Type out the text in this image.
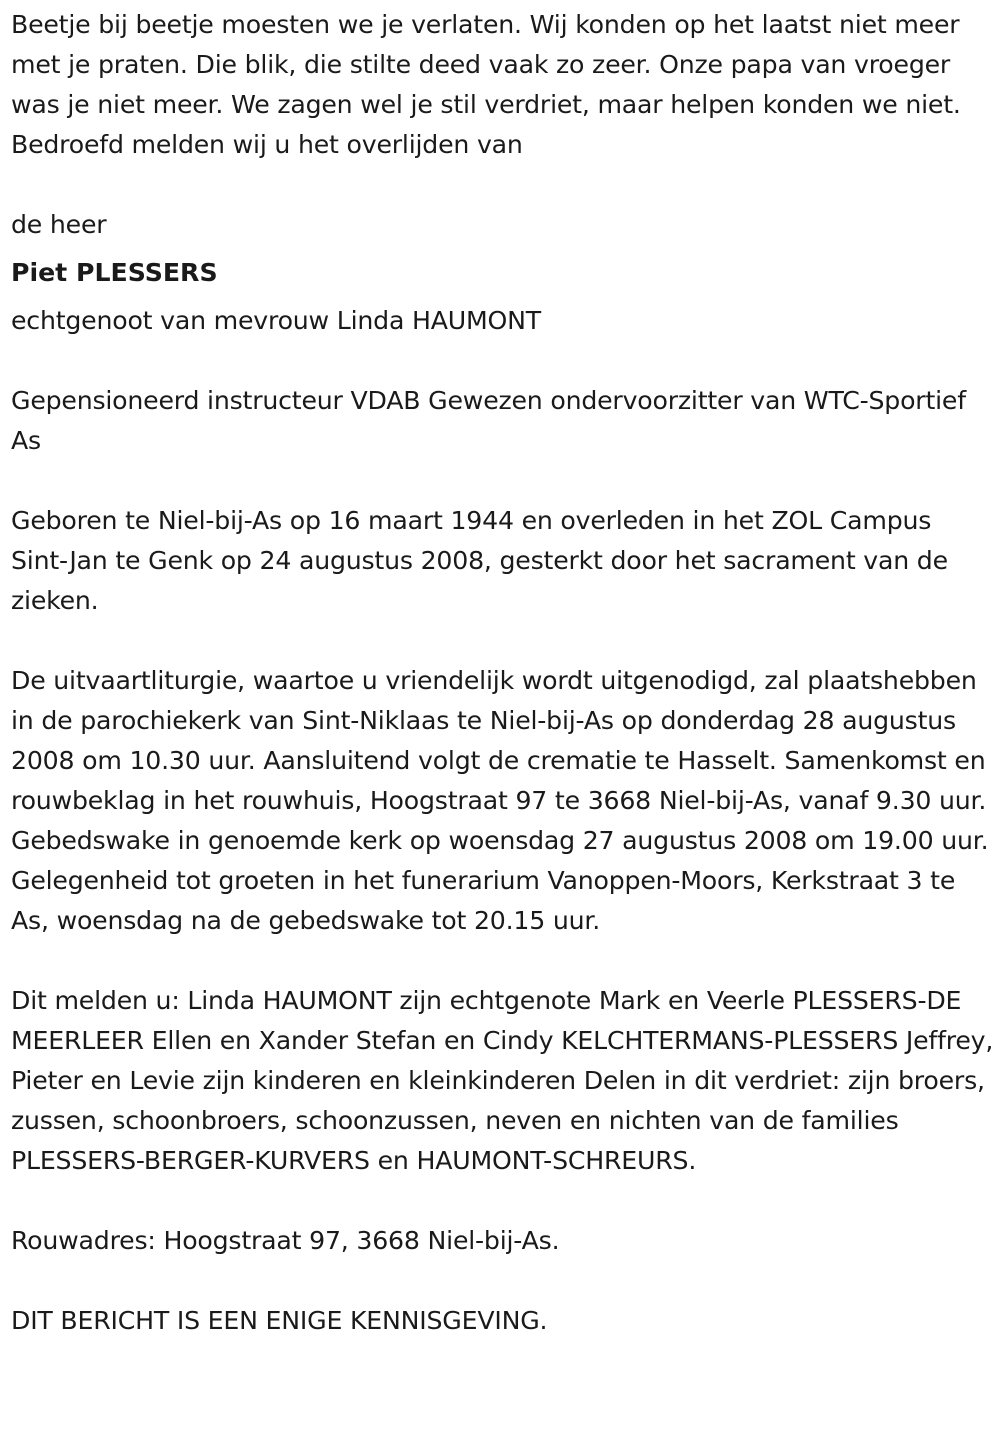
Beetje bij beetje moesten we je verlaten. Wij konden op het laatst niet meer met je praten. Die blik, die stilte deed vaak zo zeer. Onze papa van vroeger was je niet meer. We zagen wel je stil verdriet, maar helpen konden we niet. Bedroefd melden wij u het overlijden van

de heer

Piet PLESSERS

echtgenoot van mevrouw Linda HAUMONT

Gepensioneerd instructeur VDAB Gewezen ondervoorzitter van WTC-Sportief As

Geboren te Niel-bij-As op 16 maart 1944 en overleden in het ZOL Campus Sint-Jan te Genk op 24 augustus 2008, gesterkt door het sacrament van de zieken.

De uitvaartliturgie, waartoe u vriendelijk wordt uitgenodigd, zal plaatshebben in de parochiekerk van Sint-Niklaas te Niel-bij-As op donderdag 28 augustus 2008 om 10.30 uur. Aansluitend volgt de crematie te Hasselt. Samenkomst en rouwbeklag in het rouwhuis, Hoogstraat 97 te 3668 Niel-bij-As, vanaf 9.30 uur. Gebedswake in genoemde kerk op woensdag 27 augustus 2008 om 19.00 uur. Gelegenheid tot groeten in het funerarium Vanoppen-Moors, Kerkstraat 3 te As, woensdag na de gebedswake tot 20.15 uur.

Dit melden u: Linda HAUMONT zijn echtgenote Mark en Veerle PLESSERS-DE MEERLEER Ellen en Xander Stefan en Cindy KELCHTERMANS-PLESSERS Jeffrey, Pieter en Levie zijn kinderen en kleinkinderen Delen in dit verdriet: zijn broers, zussen, schoonbroers, schoonzussen, neven en nichten van de families PLESSERS-BERGER-KURVERS en HAUMONT-SCHREURS.

Rouwadres: Hoogstraat 97, 3668 Niel-bij-As.

DIT BERICHT IS EEN ENIGE KENNISGEVING.
